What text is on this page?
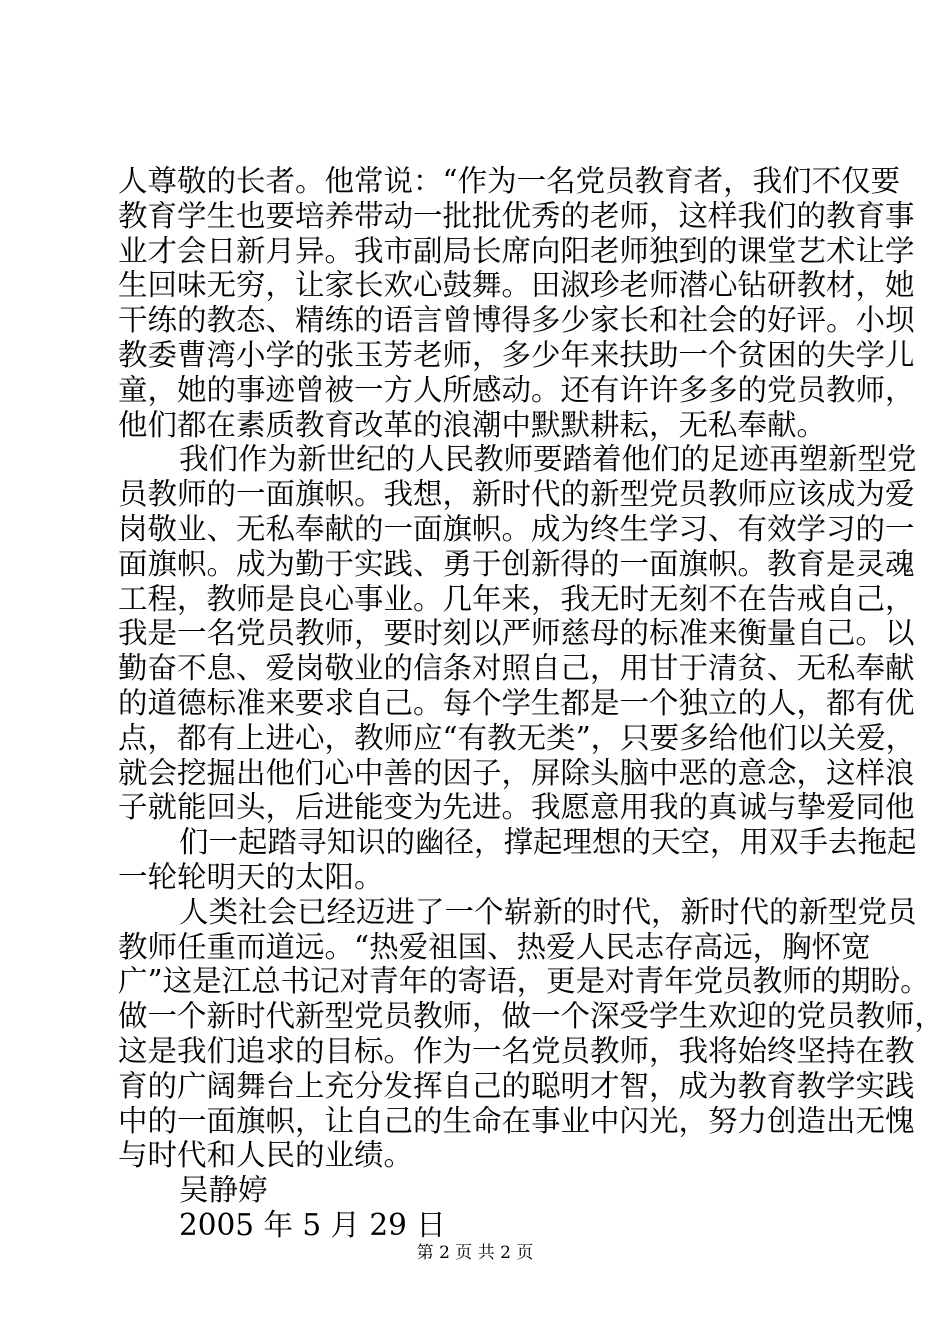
人尊敬的长者。他常说：“作为一名党员教育者，我们不仅要
教育学生也要培养带动一批批优秀的老师，这样我们的教育事
业才会日新月异。我市副局长席向阳老师独到的课堂艺术让学
生回味无穷，让家长欢心鼓舞。田淑珍老师潜心钻研教材，她
干练的教态、精练的语言曾博得多少家长和社会的好评。小坝
教委曹湾小学的张玉芳老师，多少年来扶助一个贫困的失学儿
童，她的事迹曾被一方人所感动。还有许许多多的党员教师，
他们都在素质教育改革的浪潮中默默耕耘，无私奉献。
我们作为新世纪的人民教师要踏着他们的足迹再塑新型党
员教师的一面旗帜。我想，新时代的新型党员教师应该成为爱
岗敬业、无私奉献的一面旗帜。成为终生学习、有效学习的一
面旗帜。成为勤于实践、勇于创新得的一面旗帜。教育是灵魂
工程，教师是良心事业。几年来，我无时无刻不在告戒自己，
我是一名党员教师，要时刻以严师慈母的标准来衡量自己。以
勤奋不息、爱岗敬业的信条对照自己，用甘于清贫、无私奉献
的道德标准来要求自己。每个学生都是一个独立的人，都有优
点，都有上进心，教师应“有教无类”，只要多给他们以关爱，
就会挖掘出他们心中善的因子，屏除头脑中恶的意念，这样浪
子就能回头，后进能变为先进。我愿意用我的真诚与挚爱同他
们一起踏寻知识的幽径，撑起理想的天空，用双手去拖起
一轮轮明天的太阳。
人类社会已经迈进了一个崭新的时代，新时代的新型党员
教师任重而道远。“热爱祖国、热爱人民志存高远，胸怀宽
广”这是江总书记对青年的寄语，更是对青年党员教师的期盼。
做一个新时代新型党员教师，做一个深受学生欢迎的党员教师，
这是我们追求的目标。作为一名党员教师，我将始终坚持在教
育的广阔舞台上充分发挥自己的聪明才智，成为教育教学实践
中的一面旗帜，让自己的生命在事业中闪光，努力创造出无愧
与时代和人民的业绩。
吴静婷
2005 年 5 月 29 日
第 2 页 共 2 页
